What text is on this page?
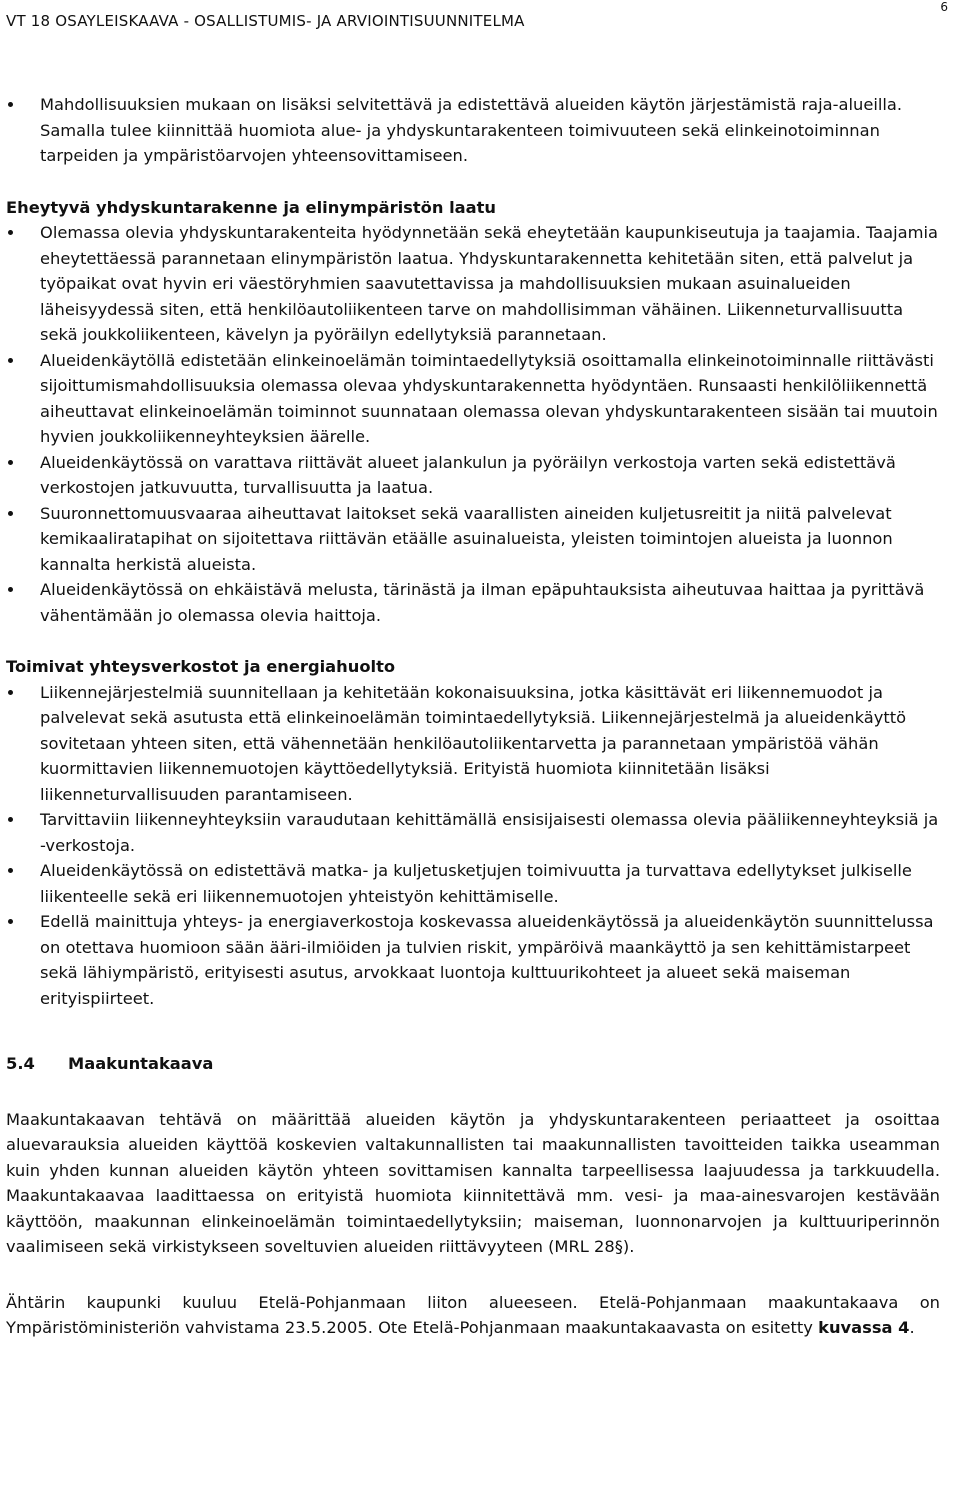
VT 18 OSAYLEISKAAVA - OSALLISTUMIS- JA ARVIOINTISUUNNITELMA
6
Mahdollisuuksien mukaan on lisäksi selvitettävä ja edistettävä alueiden käytön järjestämistä raja-alueilla. Samalla tulee kiinnittää huomiota alue- ja yhdyskuntarakenteen toimivuuteen sekä elinkeinotoiminnan tarpeiden ja ympäristöarvojen yhteensovittamiseen.
Eheytyvä yhdyskuntarakenne ja elinympäristön laatu
Olemassa olevia yhdyskuntarakenteita hyödynnetään sekä eheytetään kaupunkiseutuja ja taajamia. Taajamia eheytettäessä parannetaan elinympäristön laatua. Yhdyskuntarakennetta kehitetään siten, että palvelut ja työpaikat ovat hyvin eri väestöryhmien saavutettavissa ja mahdollisuuksien mukaan asuinalueiden läheisyydessä siten, että henkilöautoliikenteen tarve on mahdollisimman vähäinen. Liikenneturvallisuutta sekä joukkoliikenteen, kävelyn ja pyöräilyn edellytyksiä parannetaan.
Alueidenkäytöllä edistetään elinkeinoelämän toimintaedellytyksiä osoittamalla elinkeinotoiminnalle riittävästi sijoittumismahdollisuuksia olemassa olevaa yhdyskuntarakennetta hyödyntäen. Runsaasti henkilöliikennettä aiheuttavat elinkeinoelämän toiminnot suunnataan olemassa olevan yhdyskuntarakenteen sisään tai muutoin hyvien joukkoliikenneyhteyksien äärelle.
Alueidenkäytössä on varattava riittävät alueet jalankulun ja pyöräilyn verkostoja varten sekä edistettävä verkostojen jatkuvuutta, turvallisuutta ja laatua.
Suuronnettomuusvaaraa aiheuttavat laitokset sekä vaarallisten aineiden kuljetusreitit ja niitä palvelevat kemikaaliratapihat on sijoitettava riittävän etäälle asuinalueista, yleisten toimintojen alueista ja luonnon kannalta herkistä alueista.
Alueidenkäytössä on ehkäistävä melusta, tärinästä ja ilman epäpuhtauksista aiheutuvaa haittaa ja pyrittävä vähentämään jo olemassa olevia haittoja.
Toimivat yhteysverkostot ja energiahuolto
Liikennejärjestelmiä suunnitellaan ja kehitetään kokonaisuuksina, jotka käsittävät eri liikennemuodot ja palvelevat sekä asutusta että elinkeinoelämän toimintaedellytyksiä. Liikennejärjestelmä ja alueidenkäyttö sovitetaan yhteen siten, että vähennetään henkilöautoliikentarvetta ja parannetaan ympäristöä vähän kuormittavien liikennemuotojen käyttöedellytyksiä. Erityistä huomiota kiinnitetään lisäksi liikenneturvallisuuden parantamiseen.
Tarvittaviin liikenneyhteyksiin varaudutaan kehittämällä ensisijaisesti olemassa olevia pääliikenneyhteyksiä ja -verkostoja.
Alueidenkäytössä on edistettävä matka- ja kuljetusketjujen toimivuutta ja turvattava edellytykset julkiselle liikenteelle sekä eri liikennemuotojen yhteistyön kehittämiselle.
Edellä mainittuja yhteys- ja energiaverkostoja koskevassa alueidenkäytössä ja alueidenkäytön suunnittelussa on otettava huomioon sään ääri-ilmiöiden ja tulvien riskit, ympäröivä maankäyttö ja sen kehittämistarpeet sekä lähiympäristö, erityisesti asutus, arvokkaat luontoja kulttuurikohteet ja alueet sekä maiseman erityispiirteet.
5.4 Maakuntakaava

Maakuntakaavan tehtävä on määrittää alueiden käytön ja yhdyskuntarakenteen periaatteet ja osoittaa aluevarauksia alueiden käyttöä koskevien valtakunnallisten tai maakunnallisten tavoitteiden taikka useamman kuin yhden kunnan alueiden käytön yhteen sovittamisen kannalta tarpeellisessa laajuudessa ja tarkkuudella. Maakuntakaavaa laadittaessa on erityistä huomiota kiinnitettävä mm. vesi- ja maa-ainesvarojen kestävään käyttöön, maakunnan elinkeinoelämän toimintaedellytyksiin; maiseman, luonnonarvojen ja kulttuuriperinnön vaalimiseen sekä virkistykseen soveltuvien alueiden riittävyyteen (MRL 28§).

Ähtärin kaupunki kuuluu Etelä-Pohjanmaan liiton alueeseen. Etelä-Pohjanmaan maakuntakaava on Ympäristöministeriön vahvistama 23.5.2005. Ote Etelä-Pohjanmaan maakuntakaavasta on esitetty kuvassa 4.
